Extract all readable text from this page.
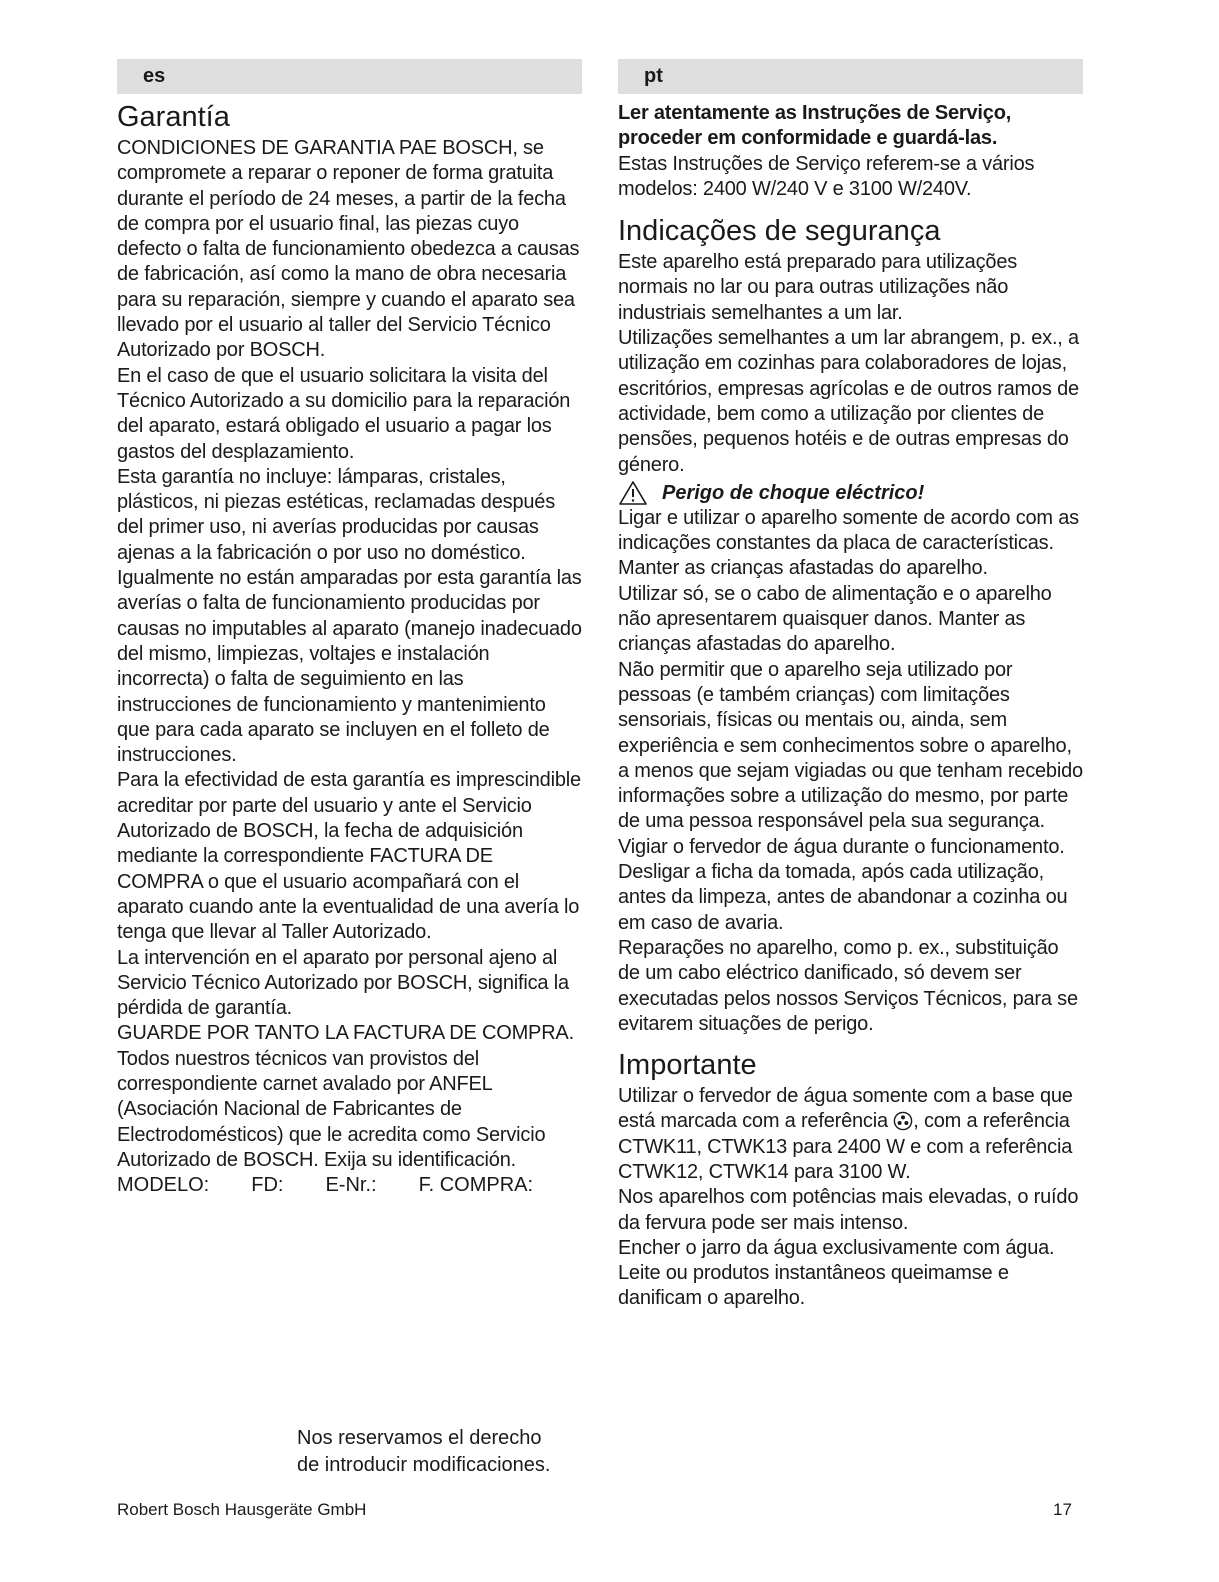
es
Garantía

CONDICIONES DE GARANTIA PAE BOSCH, se compromete a reparar o reponer de forma gratuita durante el período de 24 meses, a partir de la fecha de compra por el usuario final, las piezas cuyo defecto o falta de funcionamiento obedezca a causas de fabricación, así como la mano de obra necesaria para su reparación, siempre y cuando el aparato sea llevado por el usuario al taller del Servicio Técnico Autorizado por BOSCH.

En el caso de que el usuario solicitara la visita del Técnico Autorizado a su domicilio para la reparación del aparato, estará obligado el usuario a pagar los gastos del desplazamiento.

Esta garantía no incluye: lámparas, cristales, plásticos, ni piezas estéticas, reclamadas después del primer uso, ni averías producidas por causas ajenas a la fabricación o por uso no doméstico. Igualmente no están amparadas por esta garantía las averías o falta de funcionamiento producidas por causas no imputables al aparato (manejo inadecuado del mismo, limpiezas, voltajes e instalación incorrecta) o falta de seguimiento en las instrucciones de funcionamiento y mantenimiento que para cada aparato se incluyen en el folleto de instrucciones.

Para la efectividad de esta garantía es imprescindible acreditar por parte del usuario y ante el Servicio Autorizado de BOSCH, la fecha de adquisición mediante la correspondiente FACTURA DE COMPRA o que el usuario acompañará con el aparato cuando ante la eventualidad de una avería lo tenga que llevar al Taller Autorizado.

La intervención en el aparato por personal ajeno al Servicio Técnico Autorizado por BOSCH, significa la pérdida de garantía.

GUARDE POR TANTO LA FACTURA DE COMPRA. Todos nuestros técnicos van provistos del correspondiente carnet avalado por ANFEL (Asociación Nacional de Fabricantes de Electrodomésticos) que le acredita como Servicio Autorizado de BOSCH. Exija su identificación.

MODELO: FD: E-Nr.: F. COMPRA:
Nos reservamos el derecho
de introducir modificaciones.
pt

Ler atentamente as Instruções de Serviço, proceder em conformidade e guardá-las.

Estas Instruções de Serviço referem-se a vários modelos: 2400 W/240 V e 3100 W/240V.

Indicações de segurança

Este aparelho está preparado para utilizações normais no lar ou para outras utilizações não industriais semelhantes a um lar.

Utilizações semelhantes a um lar abrangem, p. ex., a utilização em cozinhas para colaboradores de lojas, escritórios, empresas agrícolas e de outros ramos de actividade, bem como a utilização por clientes de pensões, pequenos hotéis e de outras empresas do género.

Perigo de choque eléctrico!

Ligar e utilizar o aparelho somente de acordo com as indicações constantes da placa de características. Manter as crianças afastadas do aparelho.

Utilizar só, se o cabo de alimentação e o aparelho não apresentarem quaisquer danos. Manter as crianças afastadas do aparelho.

Não permitir que o aparelho seja utilizado por pessoas (e também crianças) com limitações sensoriais, físicas ou mentais ou, ainda, sem experiência e sem conhecimentos sobre o aparelho, a menos que sejam vigiadas ou que tenham recebido informações sobre a utilização do mesmo, por parte de uma pessoa responsável pela sua segurança.

Vigiar o fervedor de água durante o funcionamento.

Desligar a ficha da tomada, após cada utilização, antes da limpeza, antes de abandonar a cozinha ou em caso de avaria.

Reparações no aparelho, como p. ex., substituição de um cabo eléctrico danificado, só devem ser executadas pelos nossos Serviços Técnicos, para se evitarem situações de perigo.

Importante

Utilizar o fervedor de água somente com a base que está marcada com a referência , com a referência CTWK11, CTWK13 para 2400 W e com a referência CTWK12, CTWK14 para 3100 W.

Nos aparelhos com potências mais elevadas, o ruído da fervura pode ser mais intenso.

Encher o jarro da água exclusivamente com água. Leite ou produtos instantâneos queimamse e danificam o aparelho.

Robert Bosch Hausgeräte GmbH	17
